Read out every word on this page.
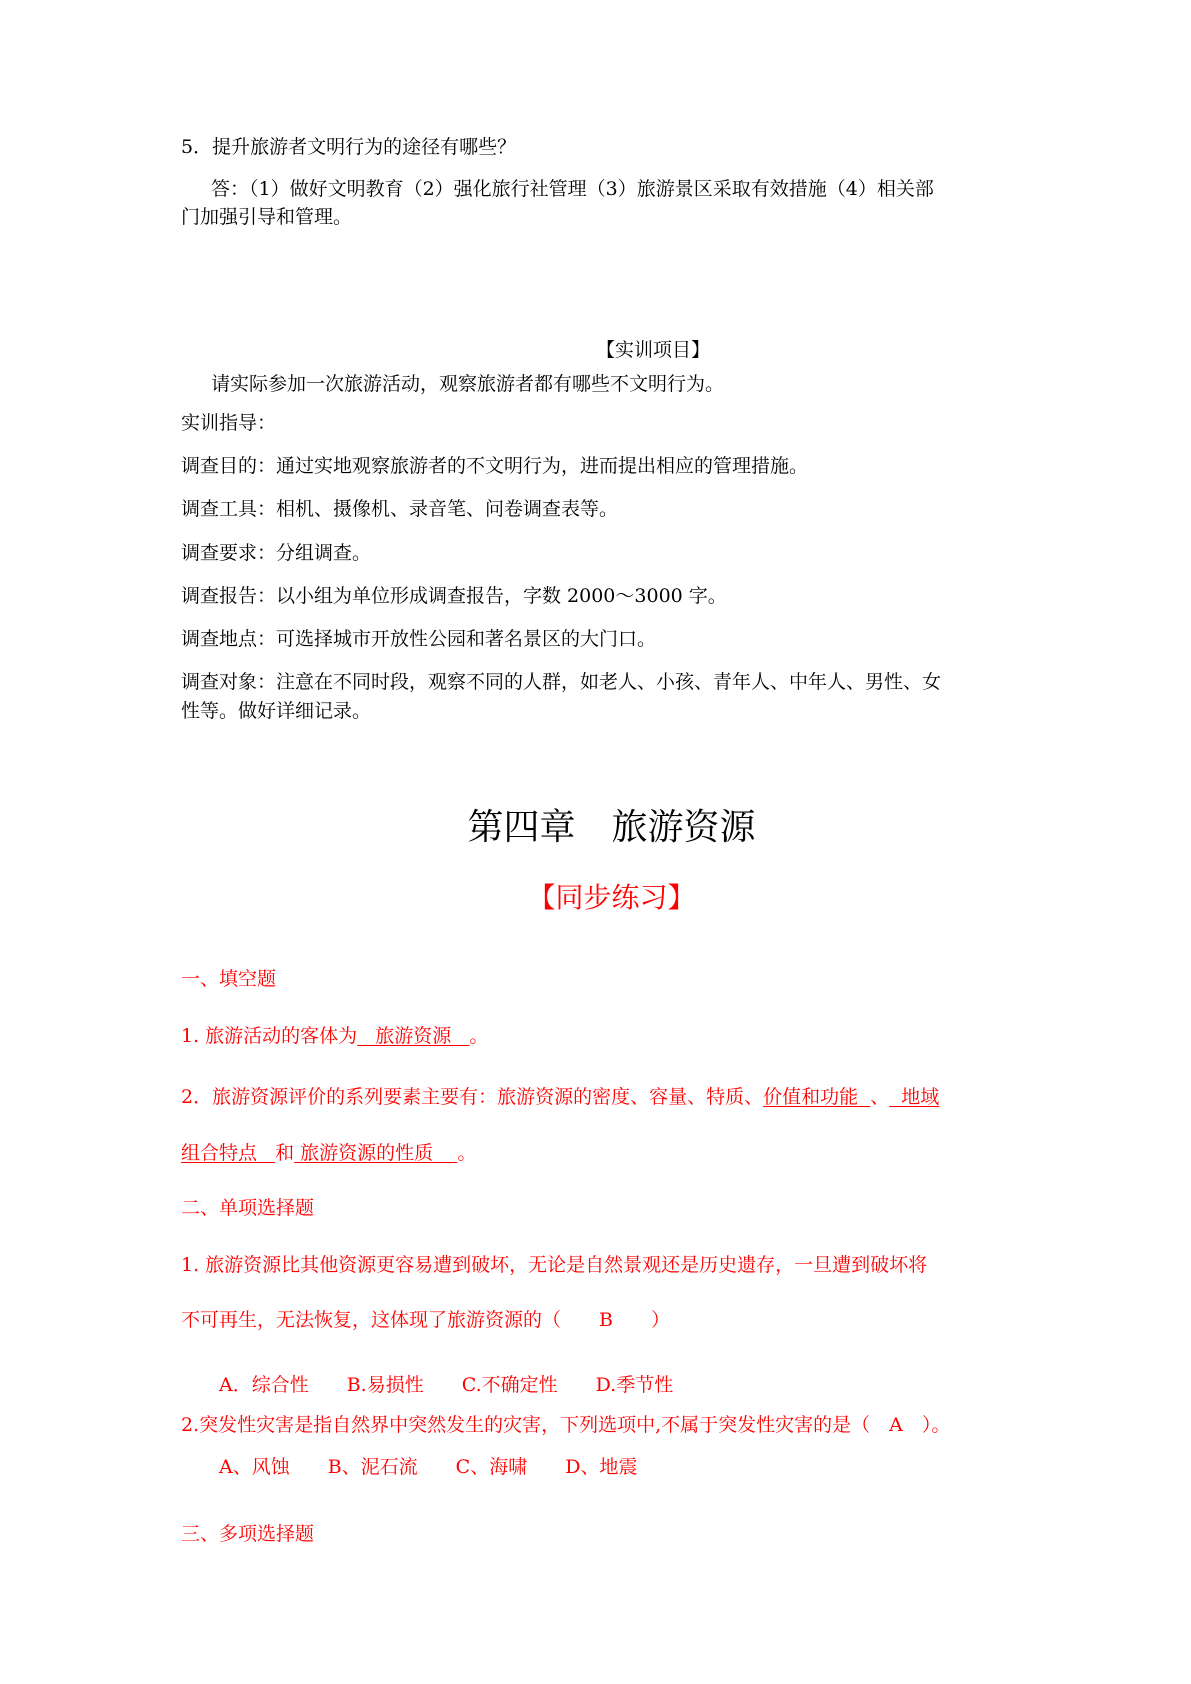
5．提升旅游者文明行为的途径有哪些？

答：（1）做好文明教育（2）强化旅行社管理（3）旅游景区采取有效措施（4）相关部

门加强引导和管理。

【实训项目】

请实际参加一次旅游活动，观察旅游者都有哪些不文明行为。

实训指导：

调查目的：通过实地观察旅游者的不文明行为，进而提出相应的管理措施。

调查工具：相机、摄像机、录音笔、问卷调查表等。

调查要求：分组调查。

调查报告：以小组为单位形成调查报告，字数 2000～3000 字。

调查地点：可选择城市开放性公园和著名景区的大门口。

调查对象：注意在不同时段，观察不同的人群，如老人、小孩、青年人、中年人、男性、女

性等。做好详细记录。

第四章　旅游资源
【同步练习】

一、填空题

1. 旅游活动的客体为   旅游资源   。

2．旅游资源评价的系列要素主要有：旅游资源的密度、容量、特质、价值和功能  、  地域

组合特点   和 旅游资源的性质    。

二、单项选择题

1. 旅游资源比其他资源更容易遭到破坏，无论是自然景观还是历史遗存，一旦遭到破坏将

不可再生，无法恢复，这体现了旅游资源的（　　B　　）

A．综合性　　B.易损性　　C.不确定性　　D.季节性

2.突发性灾害是指自然界中突然发生的灾害，下列选项中,不属于突发性灾害的是（　A　）。

A、风蚀　　B、泥石流　　C、海啸　　D、地震

三、多项选择题
